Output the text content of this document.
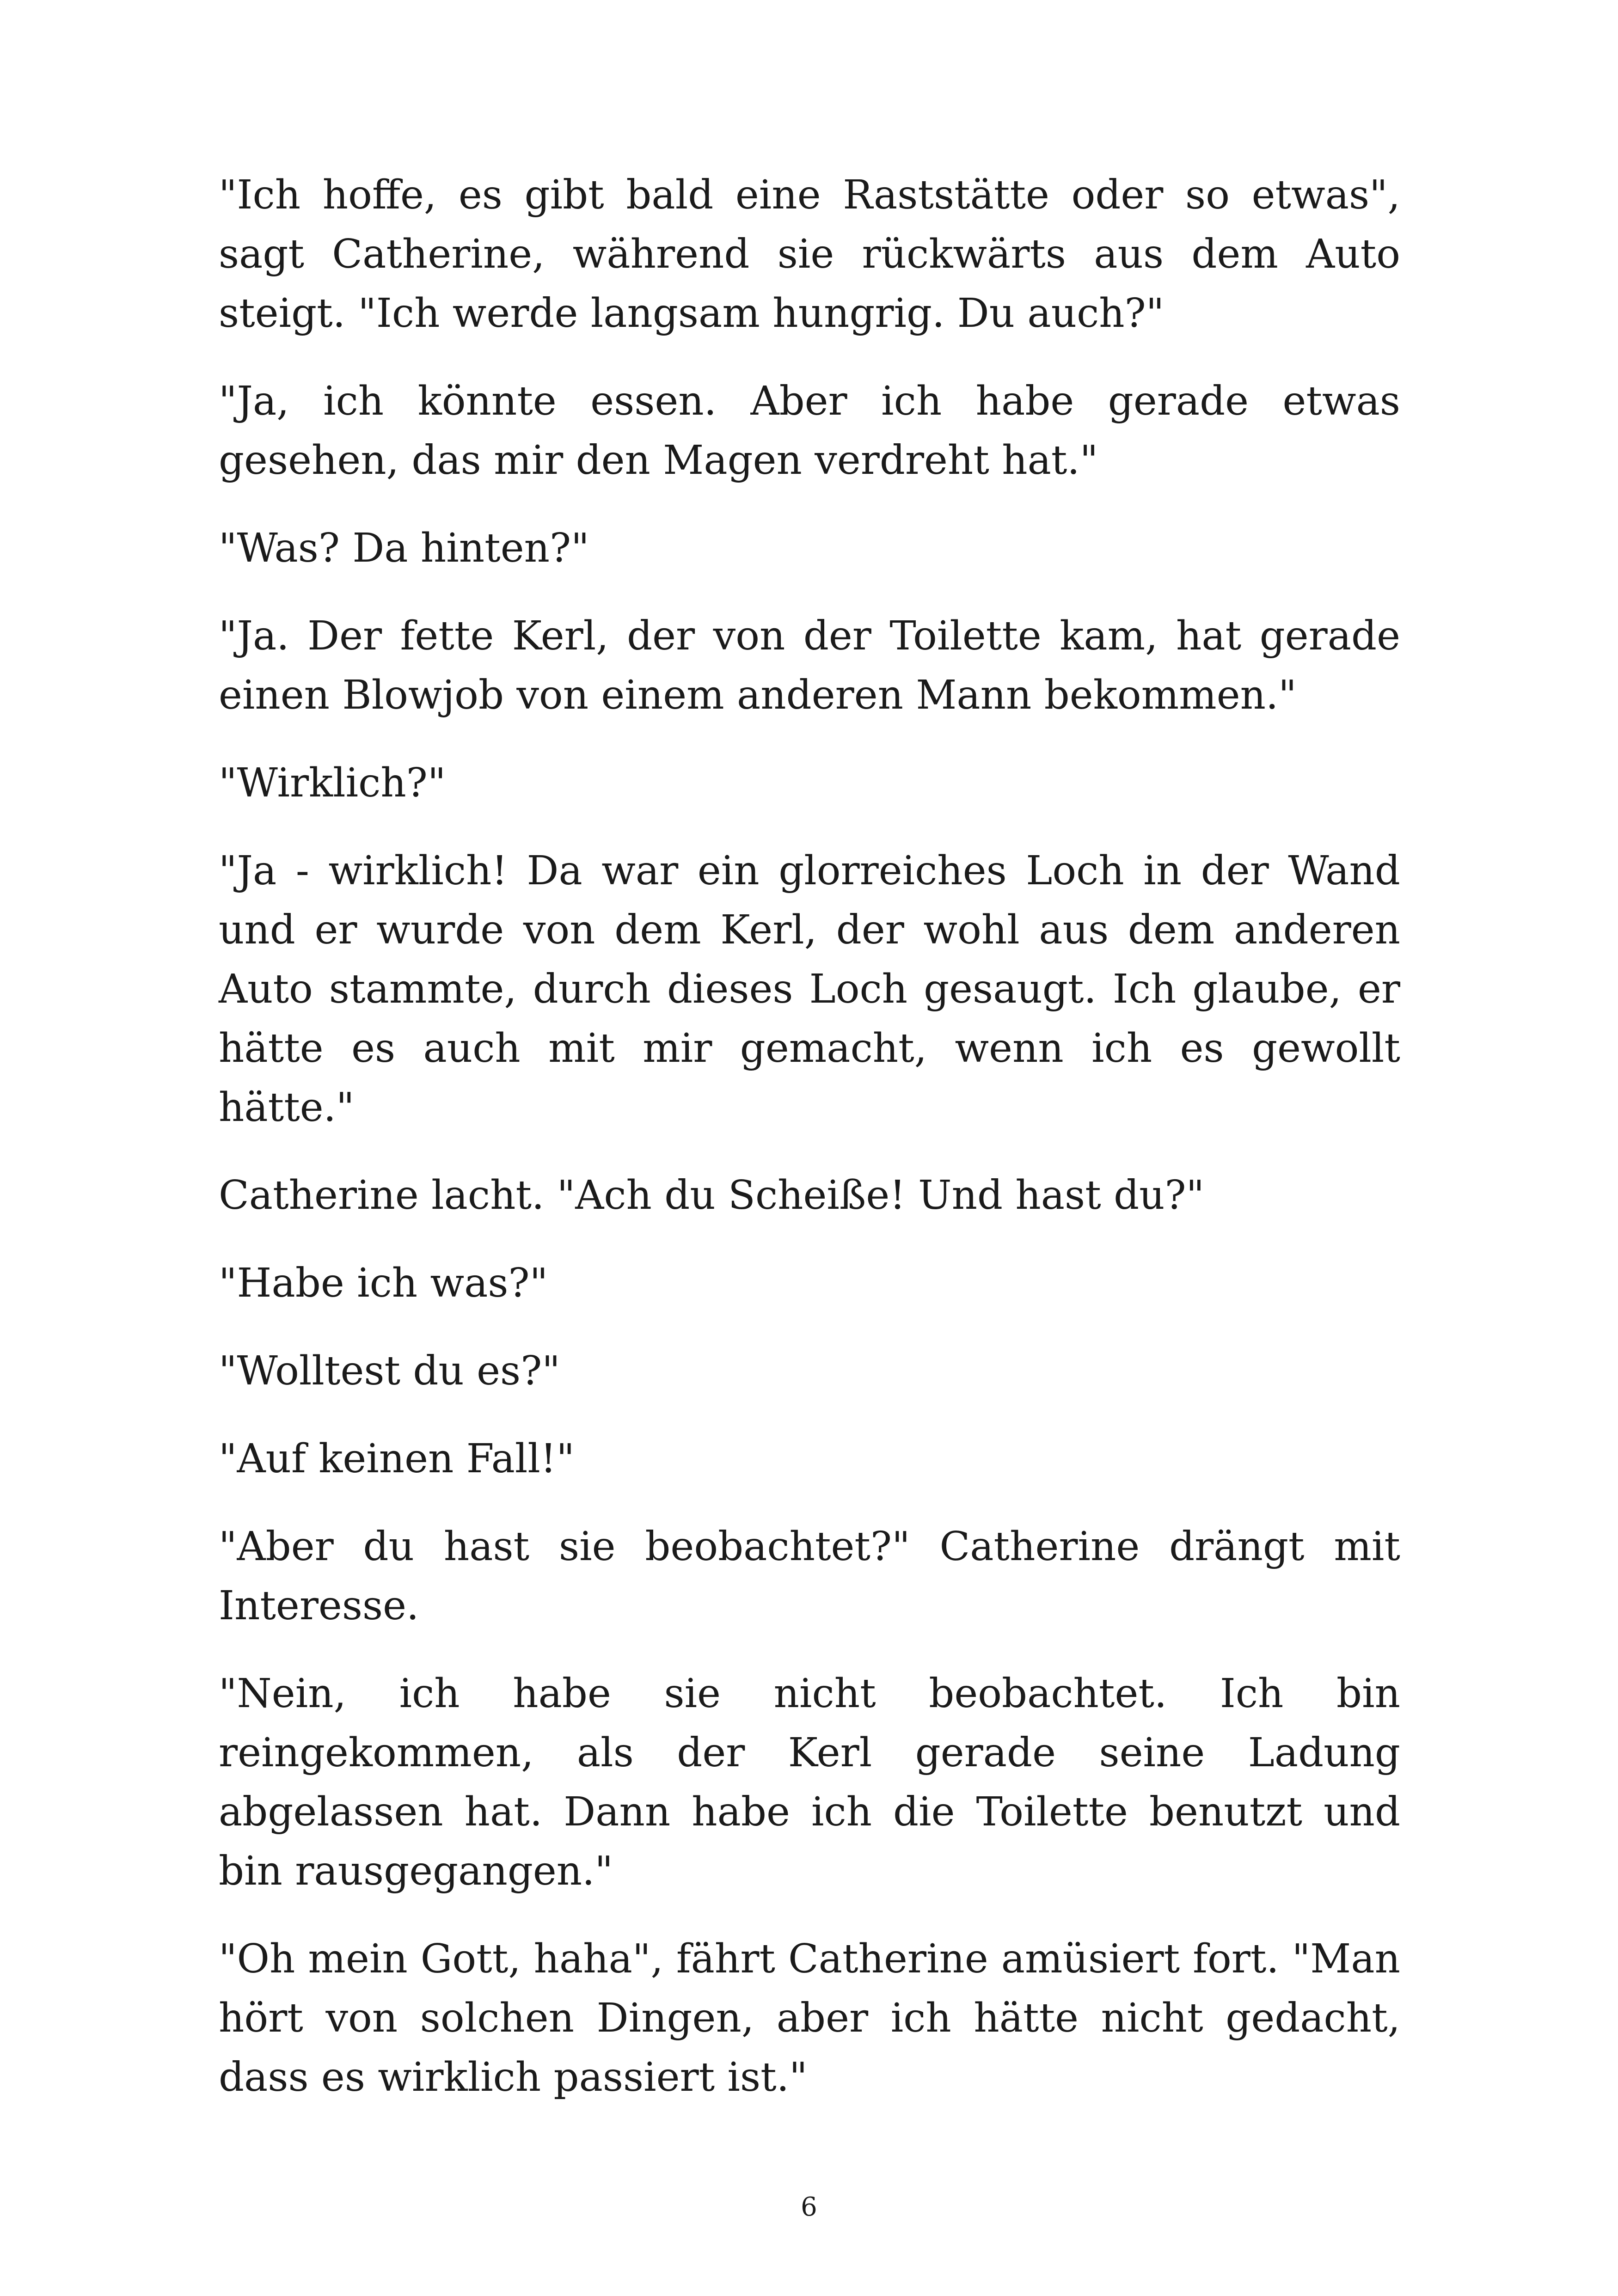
"Ich hoffe, es gibt bald eine Raststätte oder so etwas", sagt Catherine, während sie rückwärts aus dem Auto steigt. "Ich werde langsam hungrig. Du auch?"

"Ja, ich könnte essen. Aber ich habe gerade etwas gesehen, das mir den Magen verdreht hat."

"Was? Da hinten?"

"Ja. Der fette Kerl, der von der Toilette kam, hat gerade einen Blowjob von einem anderen Mann bekommen."

"Wirklich?"

"Ja - wirklich! Da war ein glorreiches Loch in der Wand und er wurde von dem Kerl, der wohl aus dem anderen Auto stammte, durch dieses Loch gesaugt. Ich glaube, er hätte es auch mit mir gemacht, wenn ich es gewollt hätte."

Catherine lacht. "Ach du Scheiße! Und hast du?"

"Habe ich was?"

"Wolltest du es?"

"Auf keinen Fall!"

"Aber du hast sie beobachtet?" Catherine drängt mit Interesse.

"Nein, ich habe sie nicht beobachtet. Ich bin reingekommen, als der Kerl gerade seine Ladung abgelassen hat. Dann habe ich die Toilette benutzt und bin rausgegangen."

"Oh mein Gott, haha", fährt Catherine amüsiert fort. "Man hört von solchen Dingen, aber ich hätte nicht gedacht, dass es wirklich passiert ist."

6
